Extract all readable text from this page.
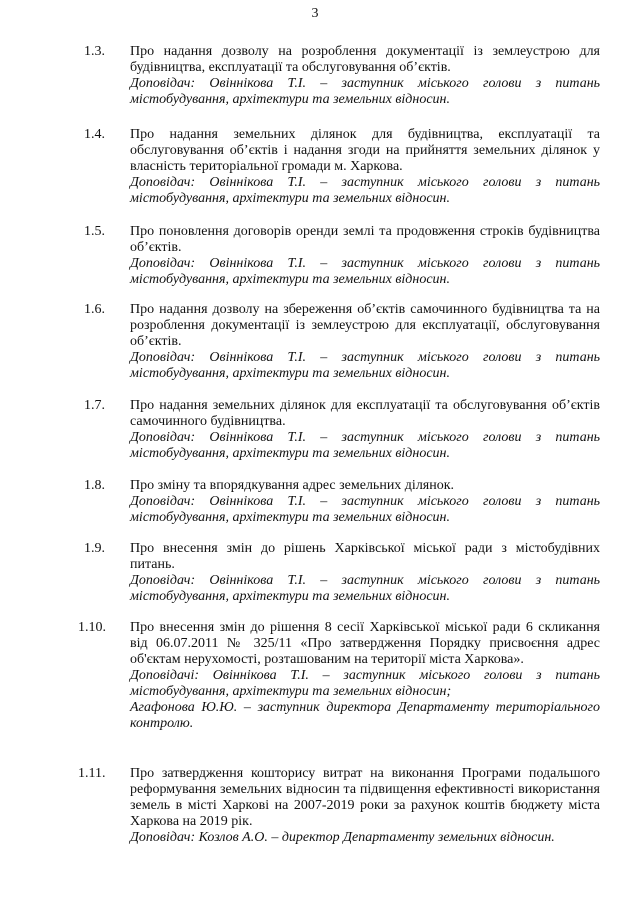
3
1.3.	Про надання дозволу на розроблення документації із землеустрою для будівництва, експлуатації та обслуговування об’єктів.
Доповідач: Овіннікова Т.І. – заступник міського голови з питань містобудування, архітектури та земельних відносин.
1.4.	Про надання земельних ділянок для будівництва, експлуатації та обслуговування об’єктів і надання згоди на прийняття земельних ділянок у власність територіальної громади м. Харкова.
Доповідач: Овіннікова Т.І. – заступник міського голови з питань містобудування, архітектури та земельних відносин.
1.5.	Про поновлення договорів оренди землі та продовження строків будівництва об’єктів.
Доповідач: Овіннікова Т.І. – заступник міського голови з питань містобудування, архітектури та земельних відносин.
1.6.	Про надання дозволу на збереження об’єктів самочинного будівництва та на розроблення документації із землеустрою для експлуатації, обслуговування об’єктів.
Доповідач: Овіннікова Т.І. – заступник міського голови з питань містобудування, архітектури та земельних відносин.
1.7.	Про надання земельних ділянок для експлуатації та обслуговування об’єктів самочинного будівництва.
Доповідач: Овіннікова Т.І. – заступник міського голови з питань містобудування, архітектури та земельних відносин.
1.8.	Про зміну та впорядкування адрес земельних ділянок.
Доповідач: Овіннікова Т.І. – заступник міського голови з питань містобудування, архітектури та земельних відносин.
1.9.	Про внесення змін до рішень Харківської міської ради з містобудівних питань.
Доповідач: Овіннікова Т.І. – заступник міського голови з питань містобудування, архітектури та земельних відносин.
1.10.	Про внесення змін до рішення 8 сесії Харківської міської ради 6 скликання від 06.07.2011 № 325/11 «Про затвердження Порядку присвоєння адрес об'єктам нерухомості, розташованим на території міста Харкова».
Доповідачі: Овіннікова Т.І. – заступник міського голови з питань містобудування, архітектури та земельних відносин;
Агафонова Ю.Ю. – заступник директора Департаменту територіального контролю.
1.11.	Про затвердження кошторису витрат на виконання Програми подальшого реформування земельних відносин та підвищення ефективності використання земель в місті Харкові на 2007-2019 роки за рахунок коштів бюджету міста Харкова на 2019 рік.
Доповідач: Козлов А.О. – директор Департаменту земельних відносин.
